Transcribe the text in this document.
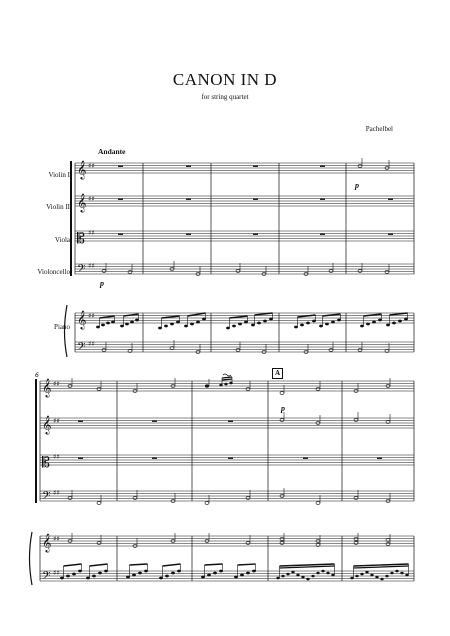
CANON IN D
for string quartet
Pachelbel
Andante
Violin I
Violin II
Viola
Violoncello
Piano
p
p
p
A
𝄞
𝄞
𝄡
𝄢
𝄞
𝄢
♯♯
♯♯
♯♯
♯♯
♯♯
♯♯
6
𝄞
𝄞
𝄡
𝄢
𝄞
𝄢
♯♯
♯♯
♯♯
♯♯
♯♯
♯♯
